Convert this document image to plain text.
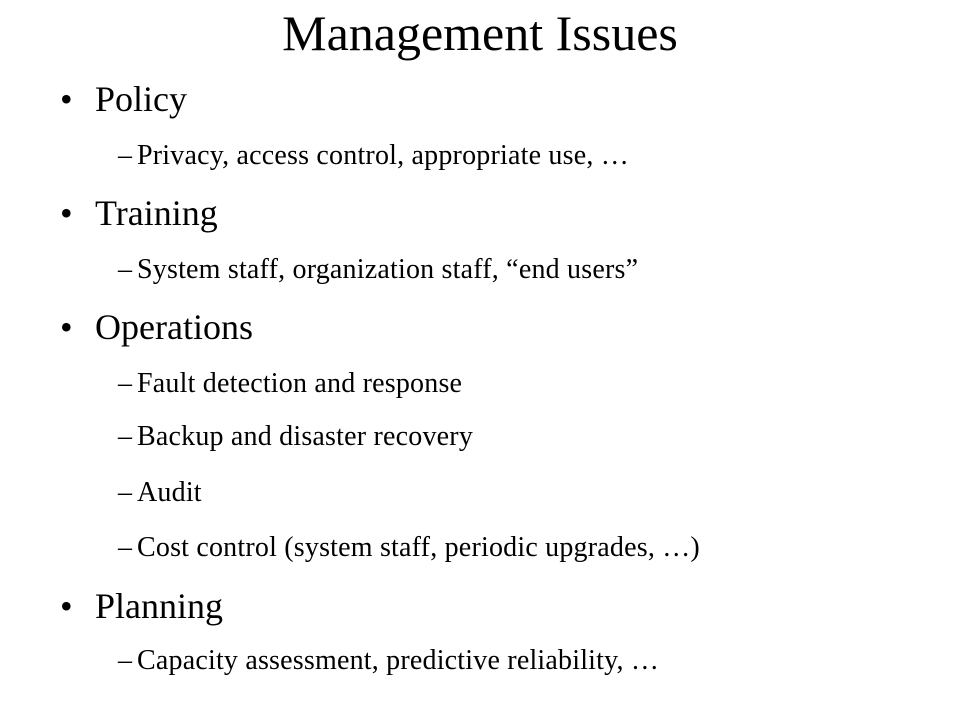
Management Issues
• Policy
– Privacy, access control, appropriate use, …
• Training
– System staff, organization staff, “end users”
• Operations
– Fault detection and response
– Backup and disaster recovery
– Audit
– Cost control (system staff, periodic upgrades, …)
• Planning
– Capacity assessment, predictive reliability, …
